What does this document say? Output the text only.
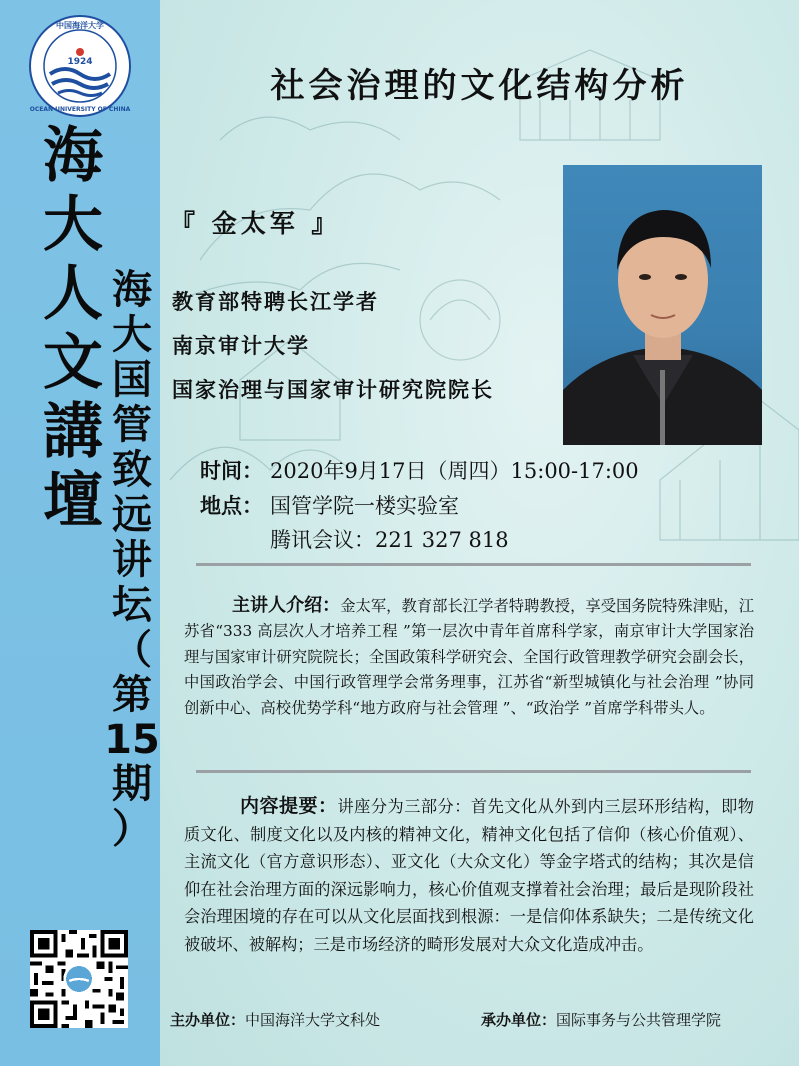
1924
中国海洋大学
OCEAN UNIVERSITY OF CHINA
海
大
人
文
講
壇
海
大
国
管
致
远
讲
坛
（
第
15
期
）
社会治理的文化结构分析
『 金太军 』
教育部特聘长江学者
南京审计大学
国家治理与国家审计研究院院长
时间： 2020年9月17日（周四）15:00-17:00
地点： 国管学院一楼实验室
腾讯会议：221 327 818
主讲人介绍：金太军，教育部长江学者特聘教授，享受国务院特殊津贴，江苏省“333 高层次人才培养工程 ”第一层次中青年首席科学家，南京审计大学国家治理与国家审计研究院院长；全国政策科学研究会、全国行政管理教学研究会副会长，中国政治学会、中国行政管理学会常务理事，江苏省“新型城镇化与社会治理 ”协同创新中心、高校优势学科“地方政府与社会管理 ”、“政治学 ”首席学科带头人。
内容提要：讲座分为三部分：首先文化从外到内三层环形结构，即物质文化、制度文化以及内核的精神文化，精神文化包括了信仰（核心价值观）、主流文化（官方意识形态）、亚文化（大众文化）等金字塔式的结构；其次是信仰在社会治理方面的深远影响力，核心价值观支撑着社会治理；最后是现阶段社会治理困境的存在可以从文化层面找到根源：一是信仰体系缺失；二是传统文化被破坏、被解构；三是市场经济的畸形发展对大众文化造成冲击。
主办单位：中国海洋大学文科处	承办单位：国际事务与公共管理学院
